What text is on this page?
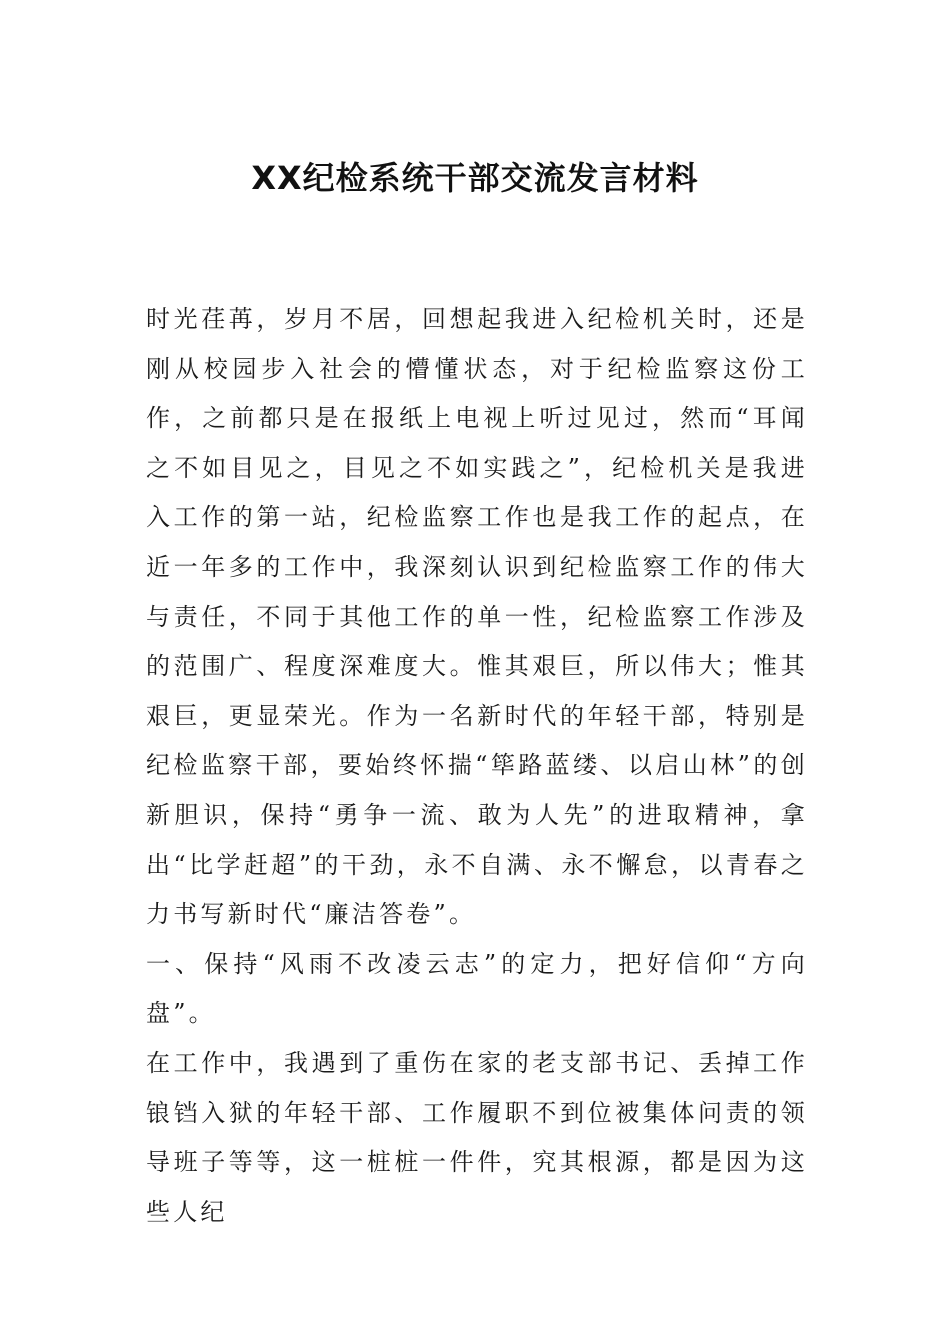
XX纪检系统干部交流发言材料

时光荏苒，岁月不居，回想起我进入纪检机关时，还是刚从校园步入社会的懵懂状态，对于纪检监察这份工作，之前都只是在报纸上电视上听过见过，然而“耳闻之不如目见之，目见之不如实践之”，纪检机关是我进入工作的第一站，纪检监察工作也是我工作的起点，在近一年多的工作中，我深刻认识到纪检监察工作的伟大与责任，不同于其他工作的单一性，纪检监察工作涉及的范围广、程度深难度大。惟其艰巨，所以伟大；惟其艰巨，更显荣光。作为一名新时代的年轻干部，特别是纪检监察干部，要始终怀揣“筚路蓝缕、以启山林”的创新胆识，保持“勇争一流、敢为人先”的进取精神，拿出“比学赶超”的干劲，永不自满、永不懈怠，以青春之力书写新时代“廉洁答卷”。

一、保持“风雨不改凌云志”的定力，把好信仰“方向盘”。

在工作中，我遇到了重伤在家的老支部书记、丢掉工作锒铛入狱的年轻干部、工作履职不到位被集体问责的领导班子等等，这一桩桩一件件，究其根源，都是因为这些人纪
